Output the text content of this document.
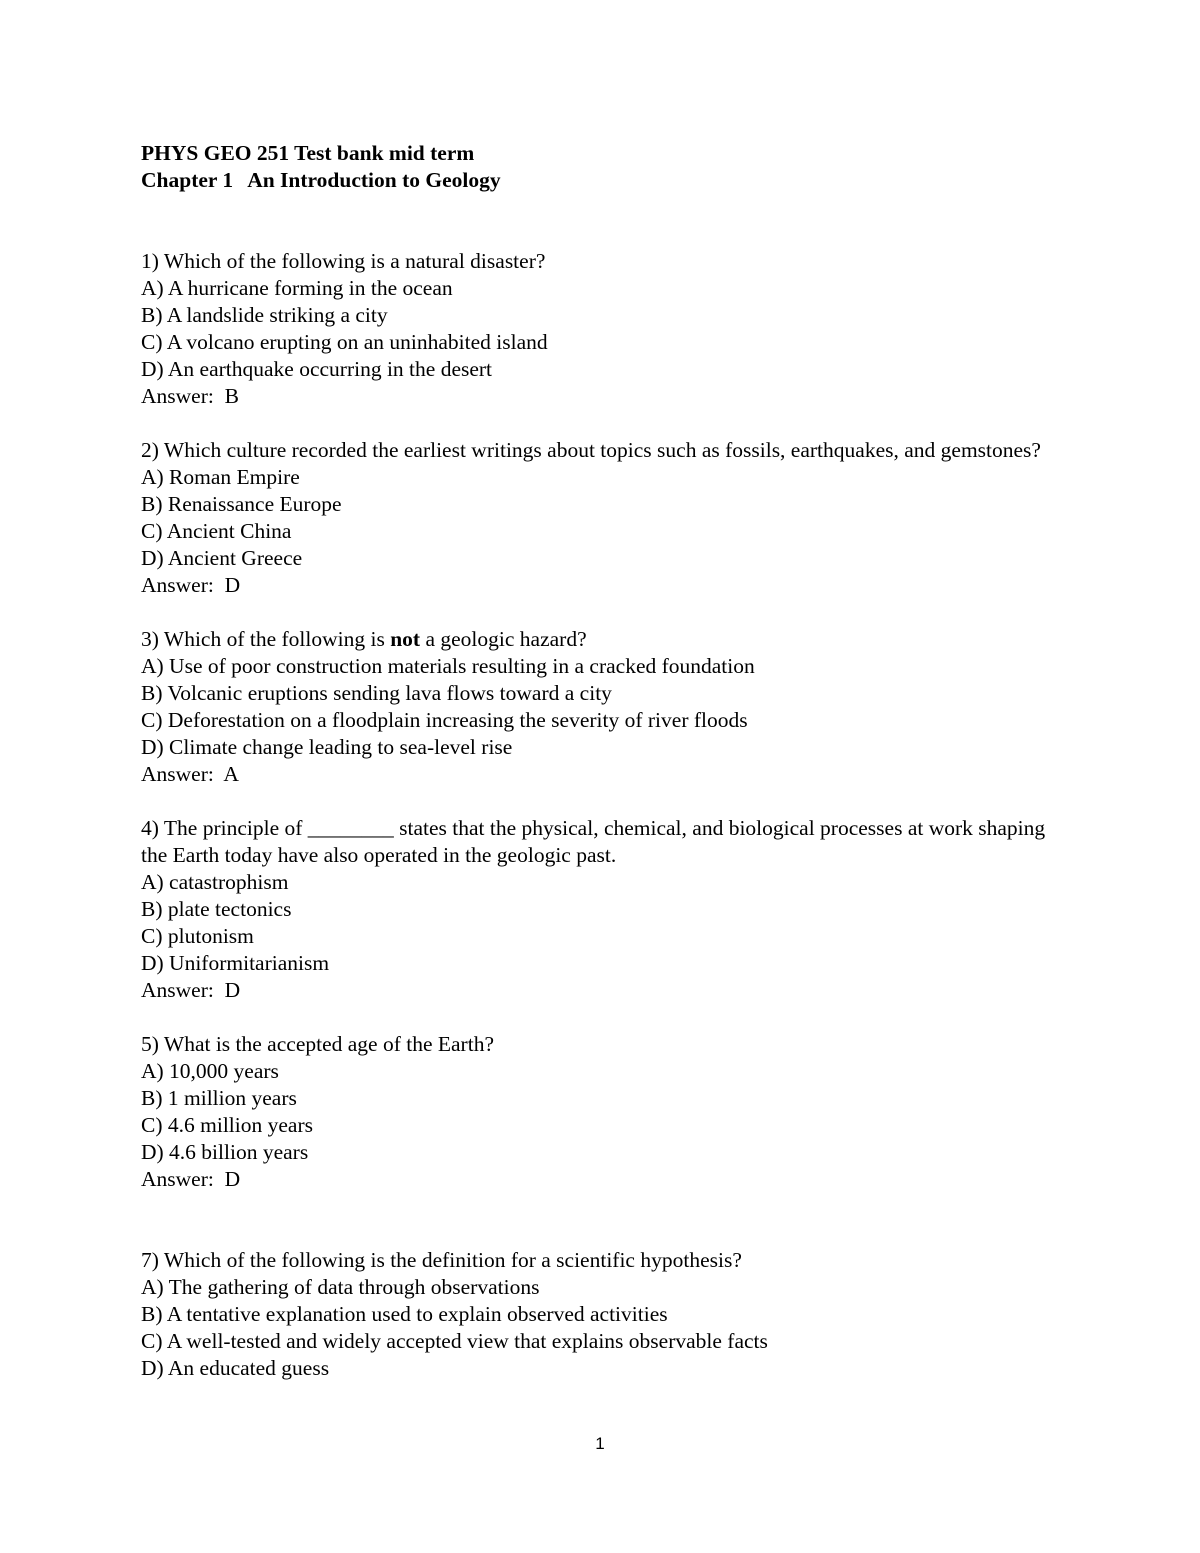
PHYS GEO 251 Test bank mid term
Chapter 1 An Introduction to Geology
1) Which of the following is a natural disaster?
A) A hurricane forming in the ocean
B) A landslide striking a city
C) A volcano erupting on an uninhabited island
D) An earthquake occurring in the desert
Answer:  B
2) Which culture recorded the earliest writings about topics such as fossils, earthquakes, and gemstones?
A) Roman Empire
B) Renaissance Europe
C) Ancient China
D) Ancient Greece
Answer:  D
3) Which of the following is not a geologic hazard?
A) Use of poor construction materials resulting in a cracked foundation
B) Volcanic eruptions sending lava flows toward a city
C) Deforestation on a floodplain increasing the severity of river floods
D) Climate change leading to sea-level rise
Answer:  A
4) The principle of ________ states that the physical, chemical, and biological processes at work shaping the Earth today have also operated in the geologic past.
A) catastrophism
B) plate tectonics
C) plutonism
D) Uniformitarianism
Answer:  D
5) What is the accepted age of the Earth?
A) 10,000 years
B) 1 million years
C) 4.6 million years
D) 4.6 billion years
Answer:  D
7) Which of the following is the definition for a scientific hypothesis?
A) The gathering of data through observations
B) A tentative explanation used to explain observed activities
C) A well-tested and widely accepted view that explains observable facts
D) An educated guess
1
